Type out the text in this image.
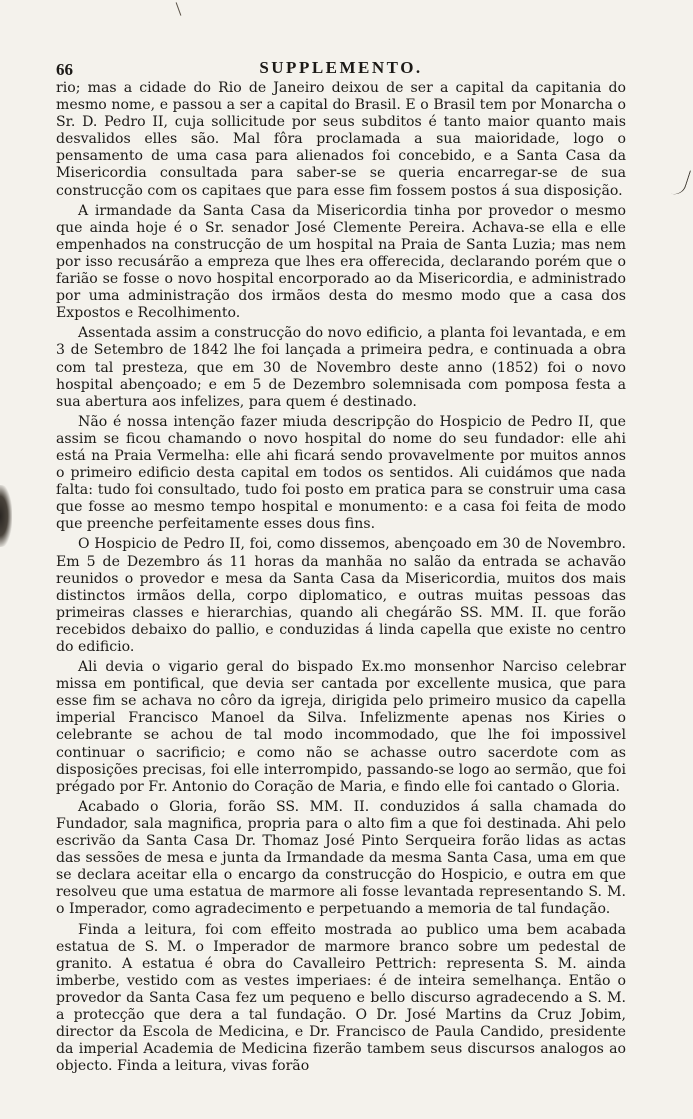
66	SUPPLEMENTO.

rio; mas a cidade do Rio de Janeiro deixou de ser a capital da capitania do mesmo nome, e passou a ser a capital do Brasil. E o Brasil tem por Monarcha o Sr. D. Pedro II, cuja sollicitude por seus subditos é tanto maior quanto mais desvalidos elles são. Mal fôra proclamada a sua maioridade, logo o pensamento de uma casa para alienados foi concebido, e a Santa Casa da Misericordia consultada para saber-se se queria encarregar-se de sua construcção com os capitaes que para esse fim fossem postos á sua disposição.

A irmandade da Santa Casa da Misericordia tinha por provedor o mesmo que ainda hoje é o Sr. senador José Clemente Pereira. Achava-se ella e elle empenhados na construcção de um hospital na Praia de Santa Luzia; mas nem por isso recusárão a empreza que lhes era offerecida, declarando porém que o farião se fosse o novo hospital encorporado ao da Misericordia, e administrado por uma administração dos irmãos desta do mesmo modo que a casa dos Expostos e Recolhimento.

Assentada assim a construcção do novo edificio, a planta foi levantada, e em 3 de Setembro de 1842 lhe foi lançada a primeira pedra, e continuada a obra com tal presteza, que em 30 de Novembro deste anno (1852) foi o novo hospital abençoado; e em 5 de Dezembro solemnisada com pomposa festa a sua abertura aos infelizes, para quem é destinado.

Não é nossa intenção fazer miuda descripção do Hospicio de Pedro II, que assim se ficou chamando o novo hospital do nome do seu fundador: elle ahi está na Praia Vermelha: elle ahi ficará sendo provavelmente por muitos annos o primeiro edificio desta capital em todos os sentidos. Ali cuidámos que nada falta: tudo foi consultado, tudo foi posto em pratica para se construir uma casa que fosse ao mesmo tempo hospital e monumento: e a casa foi feita de modo que preenche perfeitamente esses dous fins.

O Hospicio de Pedro II, foi, como dissemos, abençoado em 30 de Novembro. Em 5 de Dezembro ás 11 horas da manhãa no salão da entrada se achavão reunidos o provedor e mesa da Santa Casa da Misericordia, muitos dos mais distinctos irmãos della, corpo diplomatico, e outras muitas pessoas das primeiras classes e hierarchias, quando ali chegárão SS. MM. II. que forão recebidos debaixo do pallio, e conduzidas á linda capella que existe no centro do edificio.

Ali devia o vigario geral do bispado Ex.mo monsenhor Narciso celebrar missa em pontifical, que devia ser cantada por excellente musica, que para esse fim se achava no côro da igreja, dirigida pelo primeiro musico da capella imperial Francisco Manoel da Silva. Infelizmente apenas nos Kiries o celebrante se achou de tal modo incommodado, que lhe foi impossivel continuar o sacrificio; e como não se achasse outro sacerdote com as disposições precisas, foi elle interrompido, passando-se logo ao sermão, que foi prégado por Fr. Antonio do Coração de Maria, e findo elle foi cantado o Gloria.

Acabado o Gloria, forão SS. MM. II. conduzidos á salla chamada do Fundador, sala magnifica, propria para o alto fim a que foi destinada. Ahi pelo escrivão da Santa Casa Dr. Thomaz José Pinto Serqueira forão lidas as actas das sessões de mesa e junta da Irmandade da mesma Santa Casa, uma em que se declara aceitar ella o encargo da construcção do Hospicio, e outra em que resolveu que uma estatua de marmore ali fosse levantada representando S. M. o Imperador, como agradecimento e perpetuando a memoria de tal fundação.

Finda a leitura, foi com effeito mostrada ao publico uma bem acabada estatua de S. M. o Imperador de marmore branco sobre um pedestal de granito. A estatua é obra do Cavalleiro Pettrich: representa S. M. ainda imberbe, vestido com as vestes imperiaes: é de inteira semelhança. Então o provedor da Santa Casa fez um pequeno e bello discurso agradecendo a S. M. a protecção que dera a tal fundação. O Dr. José Martins da Cruz Jobim, director da Escola de Medicina, e Dr. Francisco de Paula Candido, presidente da imperial Academia de Medicina fizerão tambem seus discursos analogos ao objecto. Finda a leitura, vivas forão
